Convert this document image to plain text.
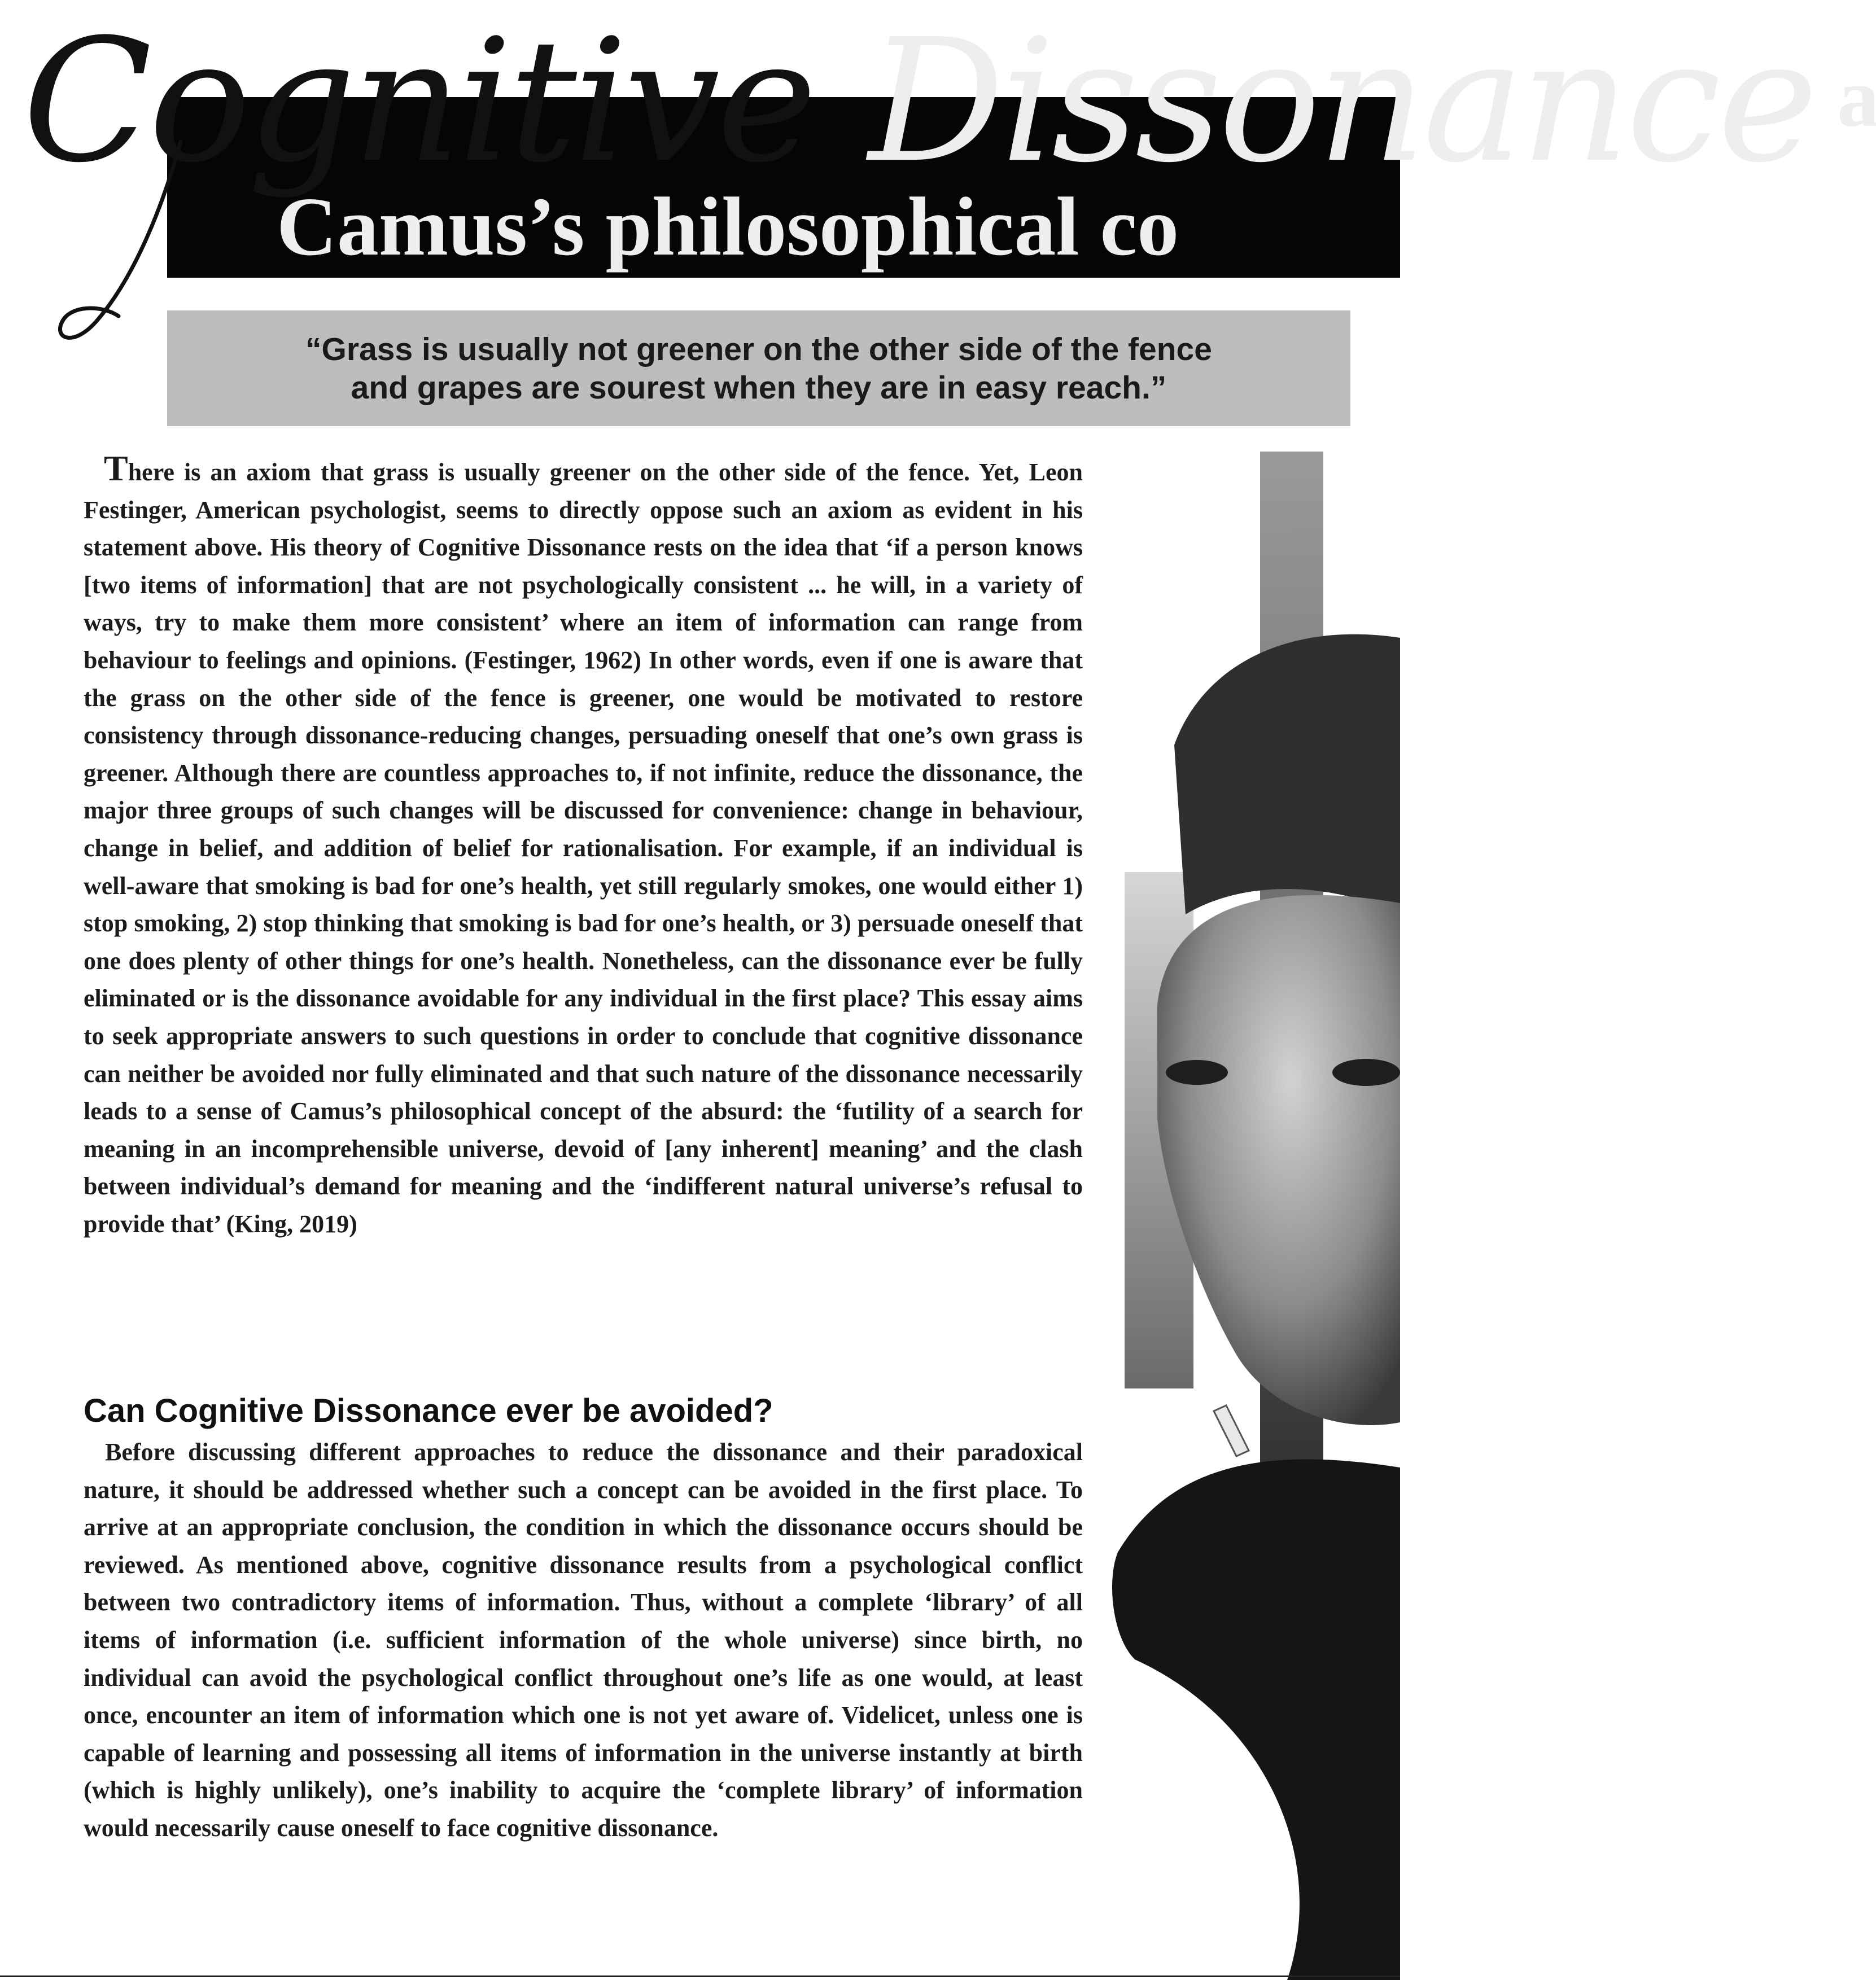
Cognitive Dissonance $^a$
Camus’s philosophical co
“Grass is usually not greener on the other side of the fence
and grapes are sourest when they are in easy reach.”

There is an axiom that grass is usually greener on the other side of the fence. Yet, Leon Festinger, American psychologist, seems to directly oppose such an axiom as evident in his statement above. His theory of Cognitive Dissonance rests on the idea that ‘if a person knows [two items of information] that are not psychologically consistent ... he will, in a variety of ways, try to make them more consistent’ where an item of information can range from behaviour to feelings and opinions. (Festinger, 1962) In other words, even if one is aware that the grass on the other side of the fence is greener, one would be motivated to restore consistency through dissonance-reducing changes, persuading oneself that one’s own grass is greener. Although there are countless approaches to, if not infinite, reduce the dissonance, the major three groups of such changes will be discussed for convenience: change in behaviour, change in belief, and addition of belief for rationalisation. For example, if an individual is well-aware that smoking is bad for one’s health, yet still regularly smokes, one would either 1) stop smoking, 2) stop thinking that smoking is bad for one’s health, or 3) persuade oneself that one does plenty of other things for one’s health. Nonetheless, can the dissonance ever be fully eliminated or is the dissonance avoidable for any individual in the first place? This essay aims to seek appropriate answers to such questions in order to conclude that cognitive dissonance can neither be avoided nor fully eliminated and that such nature of the dissonance necessarily leads to a sense of Camus’s philosophical concept of the absurd: the ‘futility of a search for meaning in an incomprehensible universe, devoid of [any inherent] meaning’ and the clash between individual’s demand for meaning and the ‘indifferent natural universe’s refusal to provide that’ (King, 2019)

Can Cognitive Dissonance ever be avoided?

Before discussing different approaches to reduce the dissonance and their paradoxical nature, it should be addressed whether such a concept can be avoided in the first place. To arrive at an appropriate conclusion, the condition in which the dissonance occurs should be reviewed. As mentioned above, cognitive dissonance results from a psychological conflict between two contradictory items of information. Thus, without a complete ‘library’ of all items of information (i.e. sufficient information of the whole universe) since birth, no individual can avoid the psychological conflict throughout one’s life as one would, at least once, encounter an item of information which one is not yet aware of. Videlicet, unless one is capable of learning and possessing all items of information in the universe instantly at birth (which is highly unlikely), one’s inability to acquire the ‘complete library’ of information would necessarily cause oneself to face cognitive dissonance.
